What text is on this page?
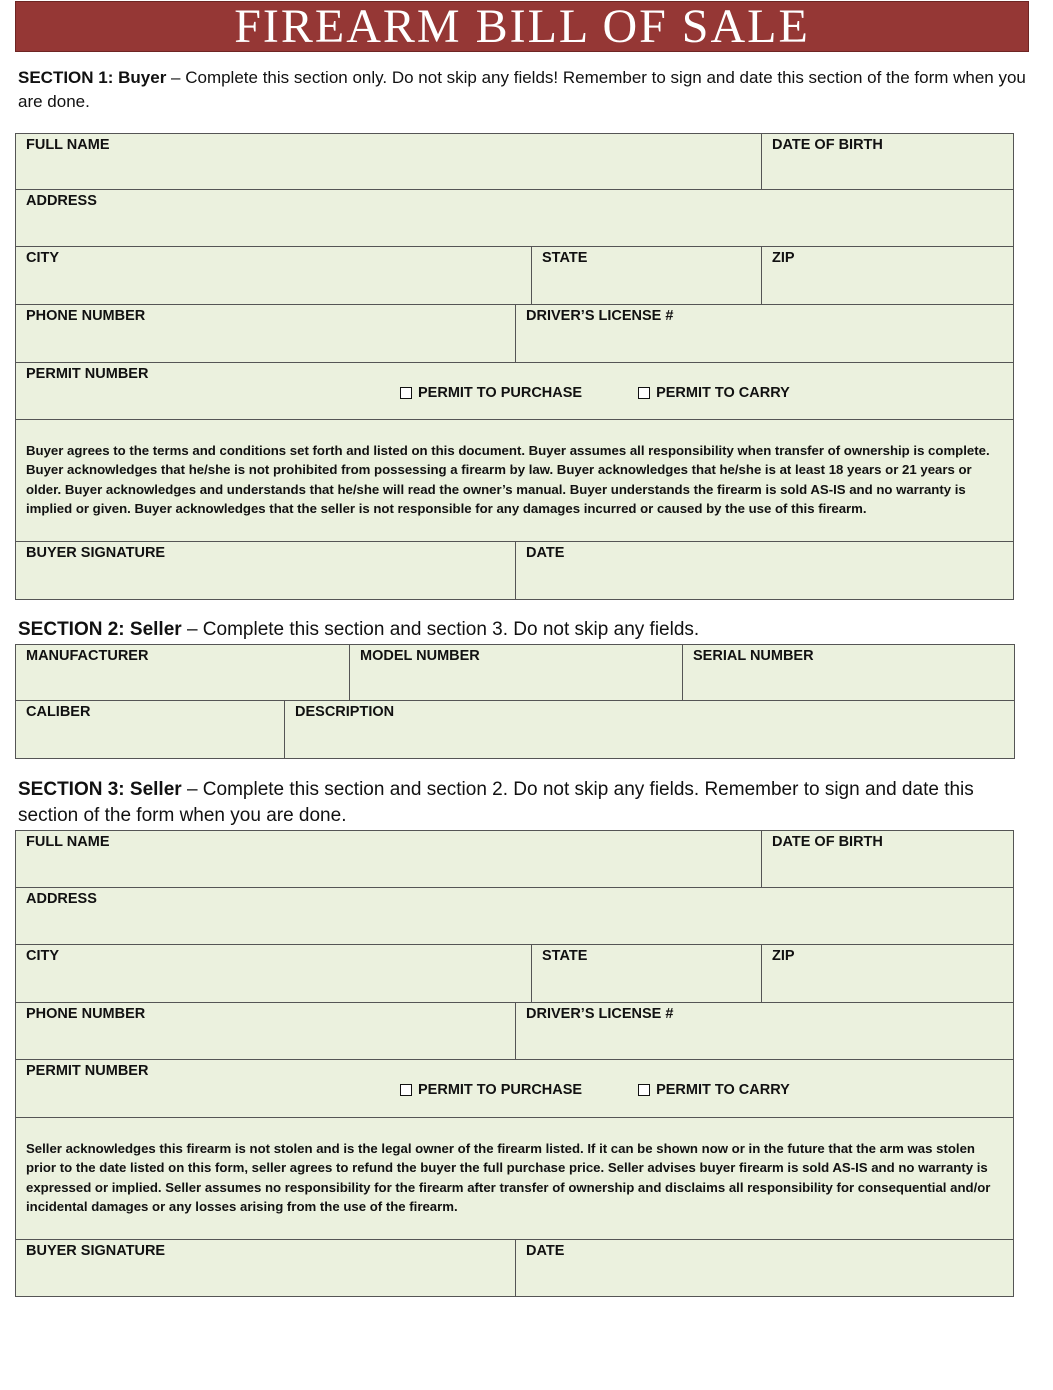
FIREARM BILL OF SALE

SECTION 1: Buyer – Complete this section only. Do not skip any fields! Remember to sign and date this section of the form when you are done.

FULL NAME	DATE OF BIRTH
ADDRESS
CITY	STATE	ZIP
PHONE NUMBER	DRIVER’S LICENSE #
PERMIT NUMBER
PERMIT TO PURCHASE	PERMIT TO CARRY
Buyer agrees to the terms and conditions set forth and listed on this document. Buyer assumes all responsibility when transfer of ownership is complete. Buyer acknowledges that he/she is not prohibited from possessing a firearm by law. Buyer acknowledges that he/she is at least 18 years or 21 years or older. Buyer acknowledges and understands that he/she will read the owner’s manual. Buyer understands the firearm is sold AS-IS and no warranty is implied or given. Buyer acknowledges that the seller is not responsible for any damages incurred or caused by the use of this firearm.
BUYER SIGNATURE	DATE

SECTION 2: Seller – Complete this section and section 3. Do not skip any fields.

MANUFACTURER	MODEL NUMBER	SERIAL NUMBER
CALIBER	DESCRIPTION

SECTION 3: Seller – Complete this section and section 2. Do not skip any fields. Remember to sign and date this section of the form when you are done.

FULL NAME	DATE OF BIRTH
ADDRESS
CITY	STATE	ZIP
PHONE NUMBER	DRIVER’S LICENSE #
PERMIT NUMBER
PERMIT TO PURCHASE	PERMIT TO CARRY
Seller acknowledges this firearm is not stolen and is the legal owner of the firearm listed. If it can be shown now or in the future that the arm was stolen prior to the date listed on this form, seller agrees to refund the buyer the full purchase price. Seller advises buyer firearm is sold AS-IS and no warranty is expressed or implied. Seller assumes no responsibility for the firearm after transfer of ownership and disclaims all responsibility for consequential and/or incidental damages or any losses arising from the use of the firearm.
BUYER SIGNATURE	DATE
